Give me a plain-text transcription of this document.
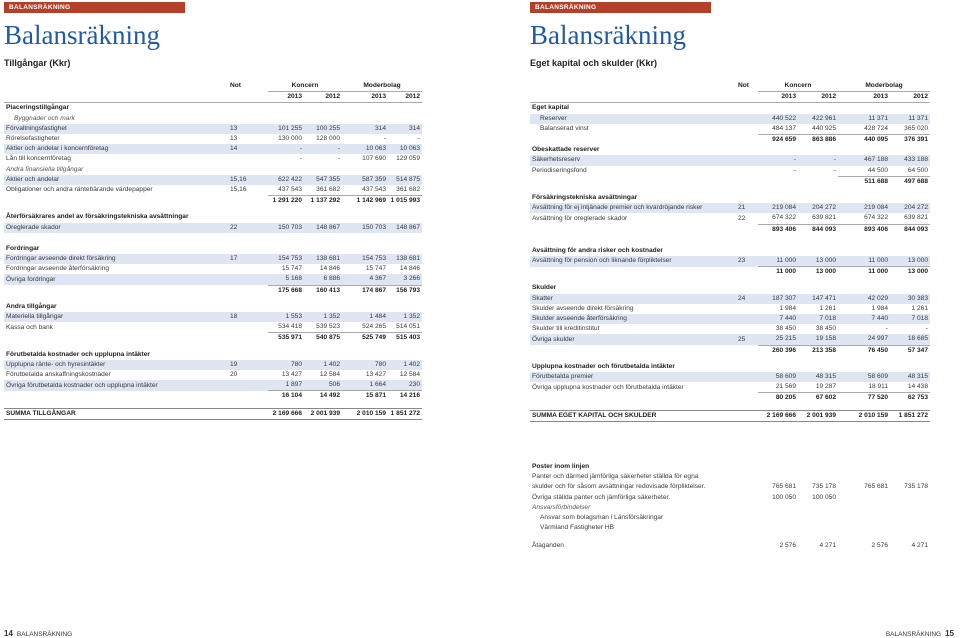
BALANSRÄKNING
Balansräkning
Tillgångar (Kkr)
	Not	Koncern		Moderbolag	
		2013	2012	2013	2012
Placeringstillgångar					
Byggnader och mark					
Förvaltningsfastighet	13	101 255	100 255	314	314
Rörelsefastigheter	13	130 000	128 000	-	-
Aktier och andelar i koncernföretag	14	-	-	10 063	10 063
Lån till koncernföretag		-	-	107 690	129 059
Andra finansiella tillgångar					
Aktier och andelar	15,16	622 422	547 355	587 359	514 875
Obligationer och andra räntebärande värdepapper	15,16	437 543	361 682	437 543	361 682
		1 291 220	1 137 292	1 142 969	1 015 993

Återförsäkrares andel av försäkringstekniska avsättningar					
Oreglerade skador	22	150 703	148 867	150 703	148 867

Fordringar					
Fordringar avseende direkt försäkring	17	154 753	138 681	154 753	138 681
Fordringar avseende återförsäkring		15 747	14 846	15 747	14 846
Övriga fordringar		5 168	6 886	4 367	3 266
		175 668	160 413	174 867	156 793

Andra tillgångar					
Materiella tillgångar	18	1 553	1 352	1 484	1 352
Kassa och bank		534 418	539 523	524 265	514 051
		535 971	540 875	525 749	515 403

Förutbetalda kostnader och upplupna intäkter					
Upplupna ränte- och hyresintäkter	19	780	1 402	780	1 402
Förutbetalda anskaffningskostnader	20	13 427	12 584	13 427	12 584
Övriga förutbetalda kostnader och upplupna intäkter		1 897	506	1 664	230
		16 104	14 492	15 871	14 216

SUMMA TILLGÅNGAR		2 169 666	2 001 939	2 010 159	1 851 272
14 BALANSRÄKNING
BALANSRÄKNING
Balansräkning
Eget kapital och skulder (Kkr)
	Not	Koncern		Moderbolag	
		2013	2012	2013	2012
Eget kapital					
Reserver		440 522	422 961	11 371	11 371
Balanserad vinst		484 137	440 925	428 724	365 020
		924 659	863 886	440 095	376 391
Obeskattade reserver					
Säkerhetsreserv		-	-	467 188	433 188
Periodiseringsfond		-	-	44 500	64 500
				511 688	497 688

Försäkringstekniska avsättningar					
Avsättning för ej intjänade premier och kvardröjande risker	21	219 084	204 272	219 084	204 272
Avsättning för oreglerade skador	22	674 322	639 821	674 322	639 821
		893 406	844 093	893 406	844 093

Avsättning för andra risker och kostnader					
Avsättning för pension och liknande förpliktelser	23	11 000	13 000	11 000	13 000
		11 000	13 000	11 000	13 000

Skulder					
Skatter	24	187 307	147 471	42 029	30 383
Skulder avseende direkt försäkring		1 984	1 261	1 984	1 261
Skulder avseende återförsäkring		7 440	7 018	7 440	7 018
Skulder till kreditinstitut		38 450	38 450	-	-
Övriga skulder	25	25 215	19 158	24 997	18 685
		260 396	213 358	76 450	57 347

Upplupna kostnader och förutbetalda intäkter					
Förutbetalda premier		58 609	48 315	58 609	48 315
Övriga upplupna kostnader och förutbetalda intäkter		21 569	19 287	18 911	14 438
		80 205	67 602	77 520	62 753

SUMMA EGET KAPITAL OCH SKULDER		2 169 666	2 001 939	2 010 159	1 851 272
Poster inom linjen					
Panter och därmed jämförliga säkerheter ställda för egna					
skulder och för såsom avsättningar redovisade förpliktelser.		765 681	735 178	765 681	735 178
Övriga ställda panter och jämförliga säkerheter.		100 050	100 050		
Ansvarsförbindelser					
Ansvar som bolagsman i Länsförsäkringar					
Värmland Fastigheter HB					

Åtaganden		2 576	4 271	2 576	4 271
BALANSRÄKNING 15
